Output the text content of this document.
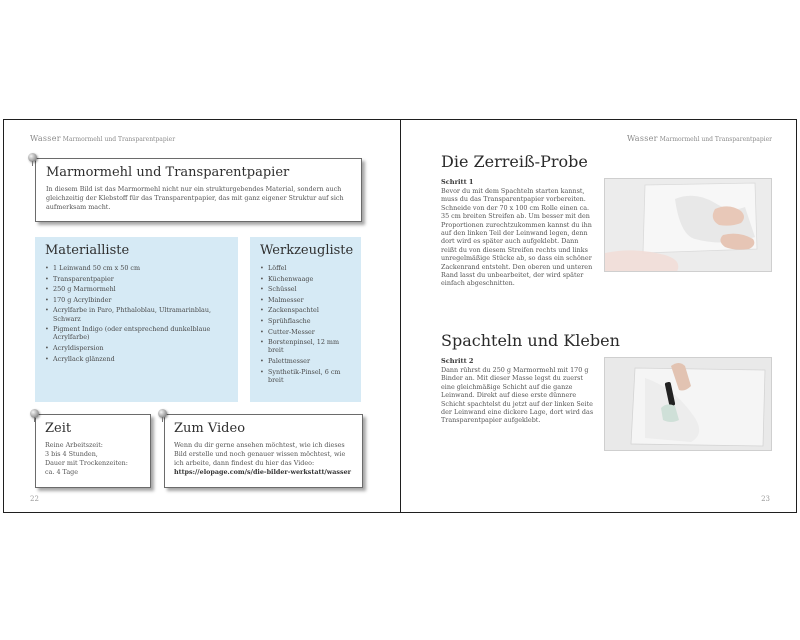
Wasser Marmormehl und Transparentpapier
Marmormehl und Transparentpapier

In diesem Bild ist das Marmormehl nicht nur ein strukturgebendes Material, sondern auch gleichzeitig der Klebstoff für das Transparentpapier, das mit ganz eigener Struktur auf sich aufmerksam macht.

Materialliste
• 1 Leinwand 50 cm x 50 cm
• Transparentpapier
• 250 g Marmormehl
• 170 g Acrylbinder
• Acrylfarbe in Paro, Phthaloblau, Ultramarinblau, Schwarz
• Pigment Indigo (oder entsprechend dunkelblaue Acrylfarbe)
• Acryldispersion
• Acryllack glänzend
Werkzeugliste
• Löffel
• Küchenwaage
• Schüssel
• Malmesser
• Zackenspachtel
• Sprühflasche
• Cutter-Messer
• Borstenpinsel, 12 mm breit
• Palettmesser
• Synthetik-Pinsel, 6 cm breit
Zeit

Reine Arbeitszeit:

3 bis 4 Stunden,

Dauer mit Trockenzeiten:

ca. 4 Tage

Zum Video

Wenn du dir gerne ansehen möchtest, wie ich dieses Bild erstelle und noch genauer wissen möchtest, wie ich arbeite, dann findest du hier das Video: https://elopage.com/s/die-bilder-werkstatt/wasser

22
Wasser Marmormehl und Transparentpapier
Die Zerreiß-Probe
Schritt 1

Bevor du mit dem Spachteln starten kannst, muss du das Transparentpapier vorbereiten. Schneide von der 70 x 100 cm Rolle einen ca. 35 cm breiten Streifen ab. Um besser mit den Proportionen zurechtzukommen kannst du ihn auf den linken Teil der Leinwand legen, denn dort wird es später auch aufgeklebt. Dann reißt du von diesem Streifen rechts und links unregelmäßige Stücke ab, so dass ein schöner Zackenrand entsteht. Den oberen und unteren Rand lasst du unbearbeitet, der wird später einfach abgeschnitten.

Spachteln und Kleben
Schritt 2

Dann rührst du 250 g Marmormehl mit 170 g Binder an. Mit dieser Masse legst du zuerst eine gleichmäßige Schicht auf die ganze Leinwand. Direkt auf diese erste dünnere Schicht spachtelst du jetzt auf der linken Seite der Leinwand eine dickere Lage, dort wird das Transparentpapier aufgeklebt.

23
